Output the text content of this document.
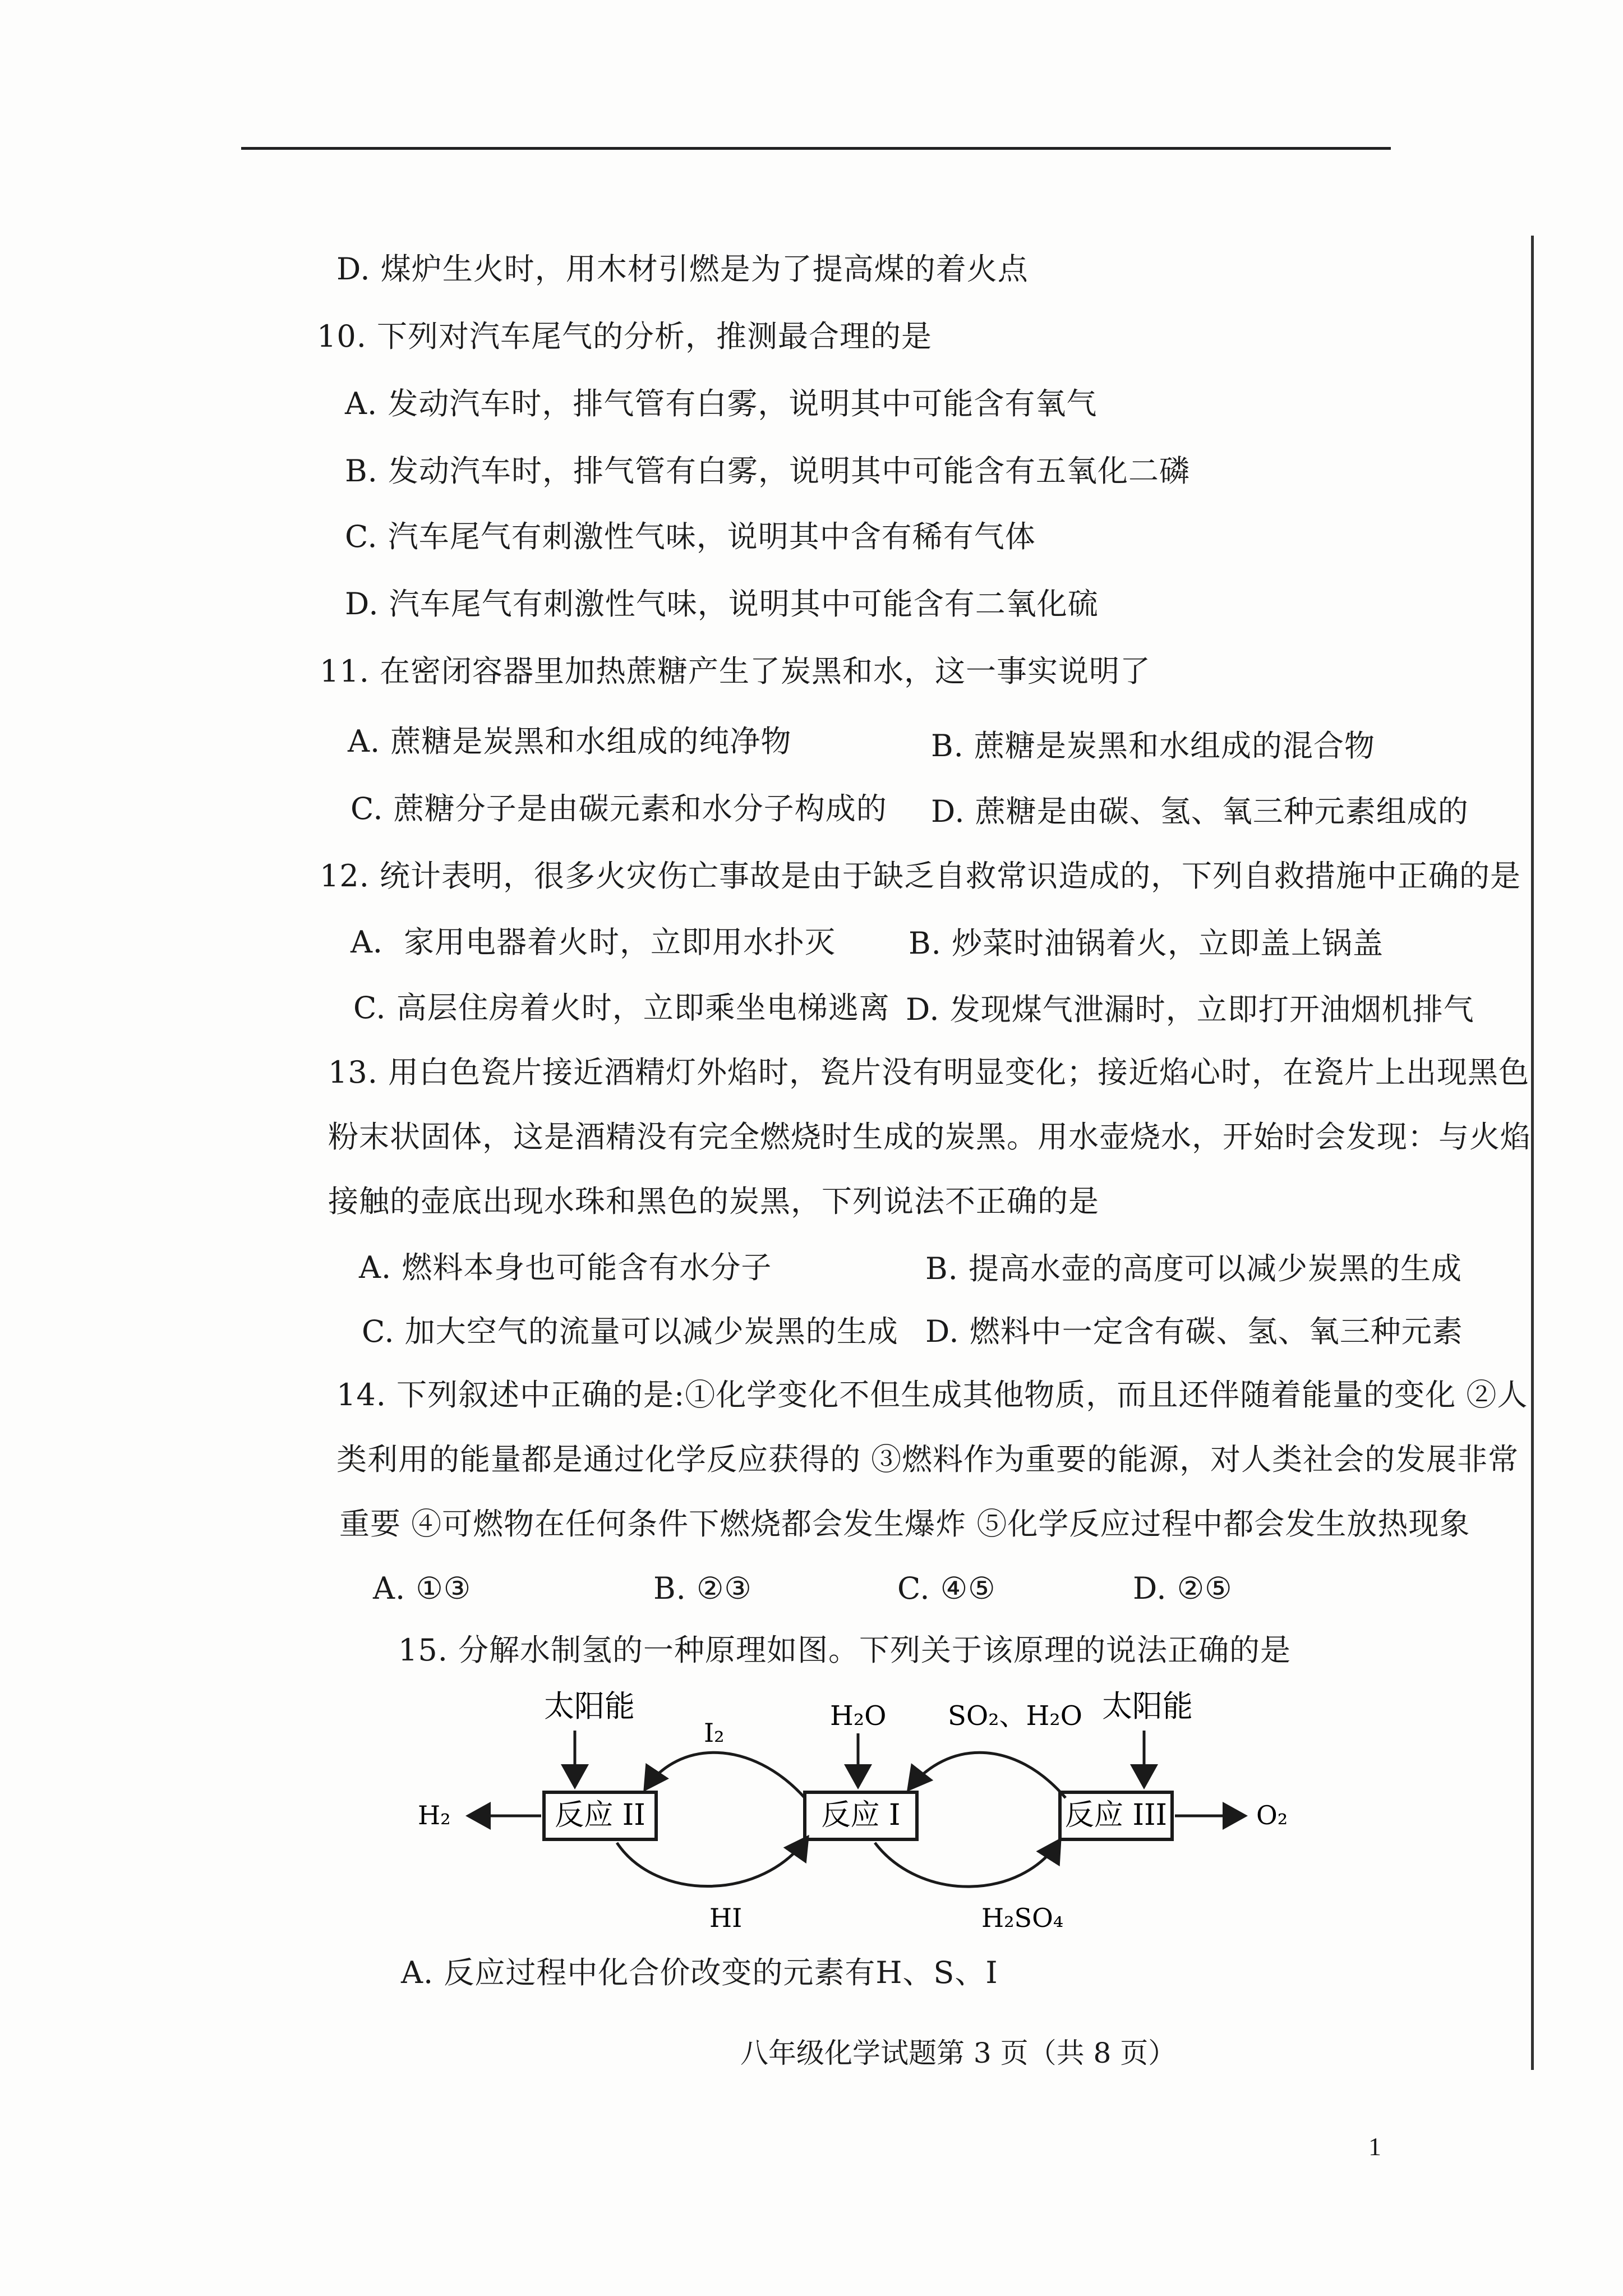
D. 煤炉生火时，用木材引燃是为了提高煤的着火点
10. 下列对汽车尾气的分析，推测最合理的是
A. 发动汽车时，排气管有白雾，说明其中可能含有氧气
B. 发动汽车时，排气管有白雾，说明其中可能含有五氧化二磷
C. 汽车尾气有刺激性气味，说明其中含有稀有气体
D. 汽车尾气有刺激性气味，说明其中可能含有二氧化硫
11. 在密闭容器里加热蔗糖产生了炭黑和水，这一事实说明了
A. 蔗糖是炭黑和水组成的纯净物	B. 蔗糖是炭黑和水组成的混合物
C. 蔗糖分子是由碳元素和水分子构成的 D. 蔗糖是由碳、氢、氧三种元素组成的
12. 统计表明，很多火灾伤亡事故是由于缺乏自救常识造成的，下列自救措施中正确的是
A．家用电器着火时，立即用水扑灭 B. 炒菜时油锅着火，立即盖上锅盖
C. 高层住房着火时，立即乘坐电梯逃离 D. 发现煤气泄漏时，立即打开油烟机排气
13. 用白色瓷片接近酒精灯外焰时，瓷片没有明显变化；接近焰心时，在瓷片上出现黑色
粉末状固体，这是酒精没有完全燃烧时生成的炭黑。用水壶烧水，开始时会发现：与火焰
接触的壶底出现水珠和黑色的炭黑，下列说法不正确的是
A. 燃料本身也可能含有水分子	B. 提高水壶的高度可以减少炭黑的生成
C. 加大空气的流量可以减少炭黑的生成 D. 燃料中一定含有碳、氢、氧三种元素
14. 下列叙述中正确的是:①化学变化不但生成其他物质，而且还伴随着能量的变化 ②人
类利用的能量都是通过化学反应获得的 ③燃料作为重要的能源，对人类社会的发展非常
重要 ④可燃物在任何条件下燃烧都会发生爆炸 ⑤化学反应过程中都会发生放热现象
A. ①③	B. ②③	C. ④⑤	D. ②⑤
15. 分解水制氢的一种原理如图。下列关于该原理的说法正确的是
反应 II	反应 I	反应 III
太阳能	太阳能
H₂O
H₂	O₂
I₂
HI
SO₂、H₂O
H₂SO₄
A. 反应过程中化合价改变的元素有H、S、I
八年级化学试题第 3 页（共 8 页）
1
